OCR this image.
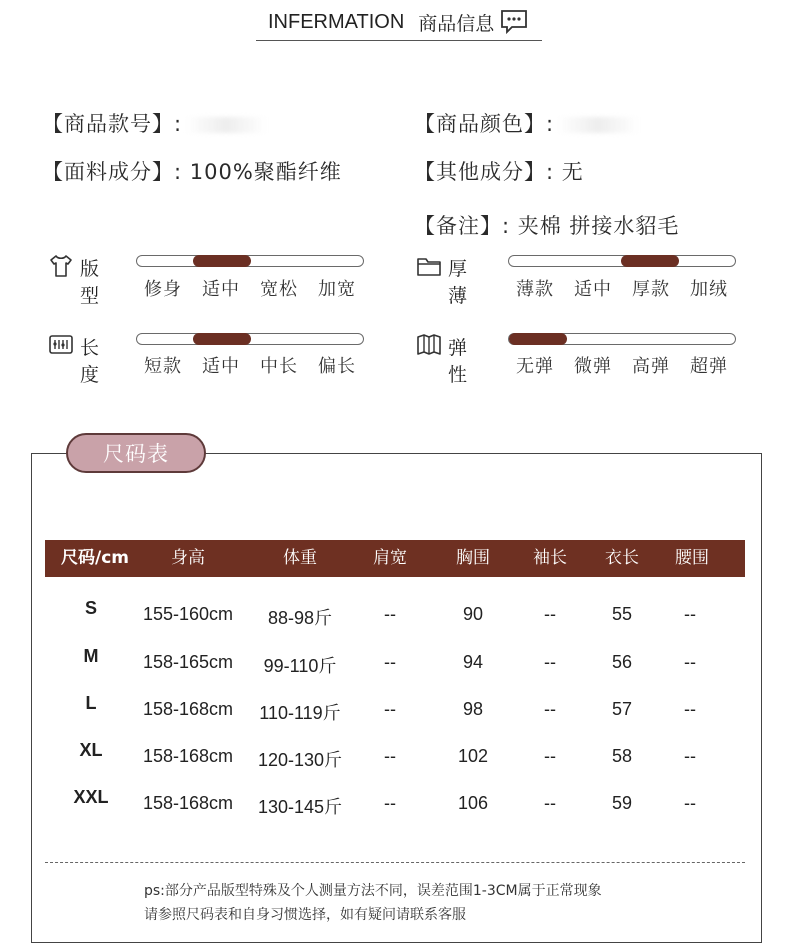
INFERMATION 商品信息
【商品款号】:	【商品颜色】:
【面料成分】: 100%聚酯纤维	【其他成分】: 无
【备注】: 夹棉 拼接水貂毛
版型	修身	适中	宽松	加宽
厚薄	薄款	适中	厚款	加绒
长度	短款	适中	中长	偏长
弹性	无弹	微弹	高弹	超弹
尺码表
尺码/cm	身高	体重	肩宽	胸围	袖长	衣长	腰围
S	155-160cm	88-98斤	--	90	--	55	--
M	158-165cm	99-110斤	--	94	--	56	--
L	158-168cm	110-119斤	--	98	--	57	--
XL	158-168cm	120-130斤	--	102	--	58	--
XXL	158-168cm	130-145斤	--	106	--	59	--
ps:部分产品版型特殊及个人测量方法不同，误差范围1-3CM属于正常现象
请参照尺码表和自身习惯选择，如有疑问请联系客服
